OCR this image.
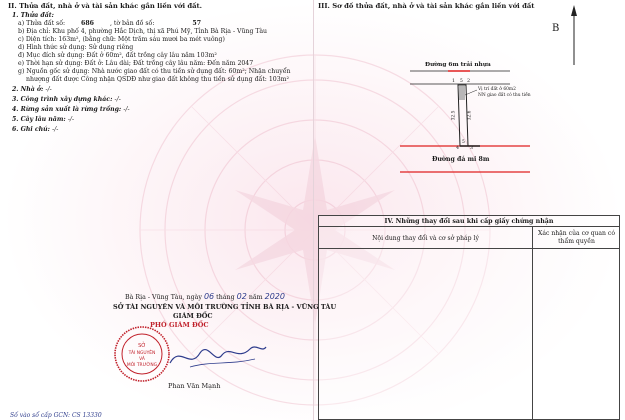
II. Thửa đất, nhà ở và tài sản khác gắn liền với đất.
1. Thửa đất:
a) Thửa đất số:	686	, tờ bản đồ số:	57
b) Địa chỉ: Khu phố 4, phường Hắc Dịch, thị xã Phú Mỹ, Tỉnh Bà Rịa - Vũng Tàu
c) Diện tích: 163m², (bằng chữ: Một trăm sáu mươi ba mét vuông)
d) Hình thức sử dụng: Sử dụng riêng
đ) Mục đích sử dụng: Đất ở 60m², đất trồng cây lâu năm 103m²
e) Thời hạn sử dụng: Đất ở: Lâu dài; Đất trồng cây lâu năm: Đến năm 2047
g) Nguồn gốc sử dụng: Nhà nước giao đất có thu tiền sử dụng đất: 60m²; Nhận chuyển
nhượng đất được Công nhận QSDĐ như giao đất không thu tiền sử dụng đất: 103m²
2. Nhà ở: -/-
3. Công trình xây dựng khác: -/-
4. Rừng sản xuất là rừng trồng: -/-
5. Cây lâu năm: -/-
6. Ghi chú: -/-
III. Sơ đồ thửa đất, nhà ở và tài sản khác gắn liền với đất
B
Đường 6m trải nhựa
Đường đá mi 8m
Vị trí đất ở 60m2
NN giao đất có thu tiền
1 2
3
4
5
32.5	32.6
5
IV. Những thay đổi sau khi cấp giấy chứng nhận
Nội dung thay đổi và cơ sở pháp lý
Xác nhận của cơ quan có thẩm quyền
Bà Rịa - Vũng Tàu, ngày 06 tháng 02 năm 2020
SỞ TÀI NGUYÊN VÀ MÔI TRƯỜNG TỈNH BÀ RỊA - VŨNG TÀU
GIÁM ĐỐC
PHÓ GIÁM ĐỐC
SỞ
TÀI NGUYÊN
VÀ
MÔI TRƯỜNG
Phan Văn Mạnh
Số vào sổ cấp GCN: CS 13330
